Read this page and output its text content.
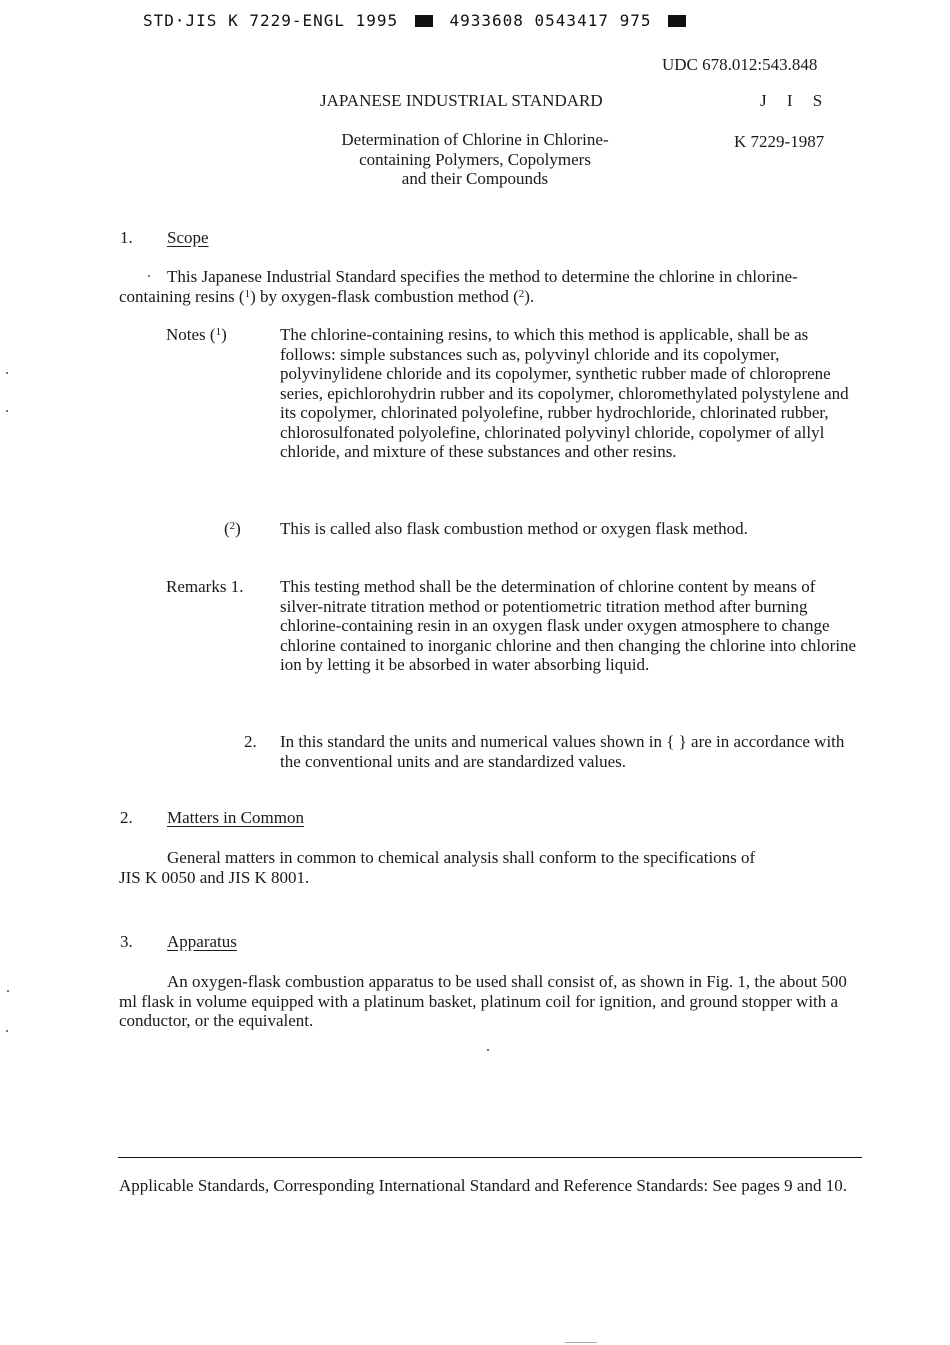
STD·JIS K 7229-ENGL 1995	4933608 0543417 975
UDC 678.012:543.848
JAPANESE INDUSTRIAL STANDARD	J I S
Determination of Chlorine in Chlorine-
containing Polymers, Copolymers
and their Compounds
K 7229-1987
1. Scope
This Japanese Industrial Standard specifies the method to determine the chlorine in chlorine-containing resins ($^1$) by oxygen-flask combustion method ($^2$).
Notes ($^1$)	The chlorine-containing resins, to which this method is applicable, shall be as follows: simple substances such as, polyvinyl chloride and its copolymer, polyvinylidene chloride and its copolymer, synthetic rubber made of chloroprene series, epichlorohydrin rubber and its copolymer, chloromethylated polystylene and its copolymer, chlorinated polyolefine, rubber hydrochloride, chlorinated rubber, chlorosulfonated polyolefine, chlorinated polyvinyl chloride, copolymer of allyl chloride, and mixture of these substances and other resins.
($^2$) This is called also flask combustion method or oxygen flask method.
Remarks 1. This testing method shall be the determination of chlorine content by means of silver-nitrate titration method or potentiometric titration method after burning chlorine-containing resin in an oxygen flask under oxygen atmosphere to change chlorine contained to inorganic chlorine and then changing the chlorine into chlorine ion by letting it be absorbed in water absorbing liquid.
2. In this standard the units and numerical values shown in { } are in accordance with the conventional units and are standardized values.
2. Matters in Common
General matters in common to chemical analysis shall conform to the specifications of JIS K 0050 and JIS K 8001.
3. Apparatus
An oxygen-flask combustion apparatus to be used shall consist of, as shown in Fig. 1, the about 500 ml flask in volume equipped with a platinum basket, platinum coil for ignition, and ground stopper with a conductor, or the equivalent.
Applicable Standards, Corresponding International Standard and Reference Standards: See pages 9 and 10.
